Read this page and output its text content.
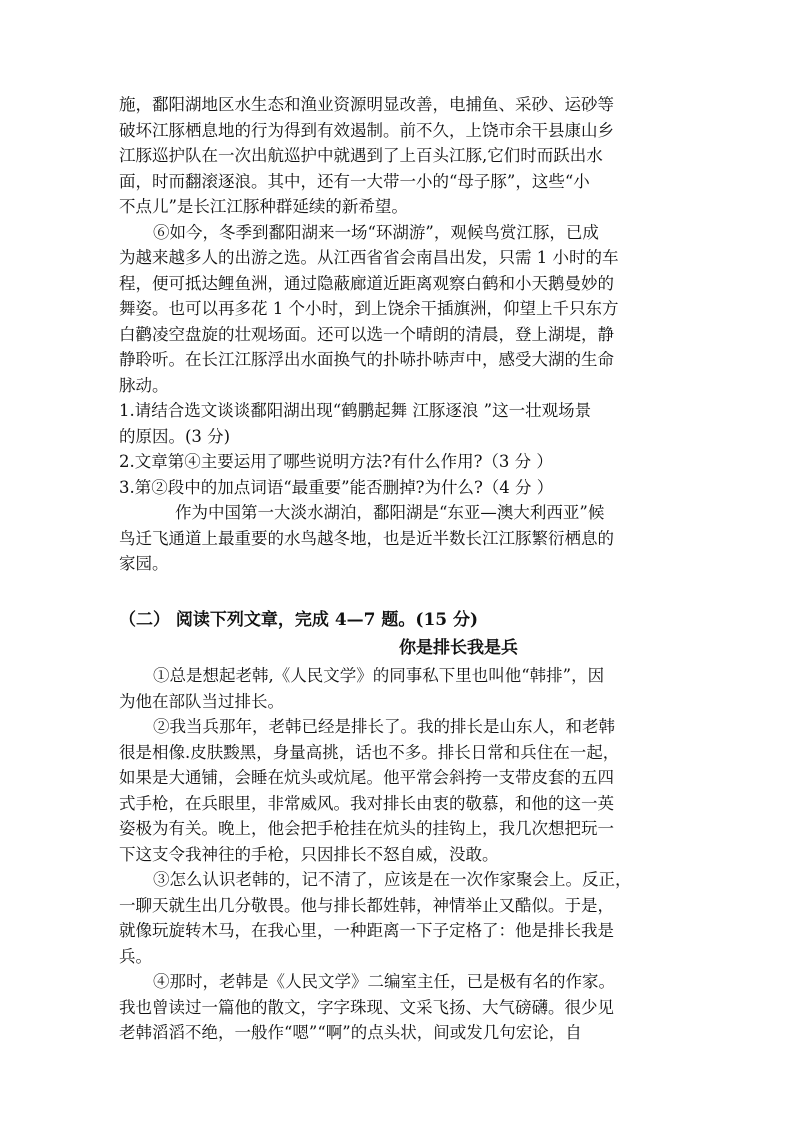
施，鄱阳湖地区水生态和渔业资源明显改善，电捕鱼、采砂、运砂等
破坏江豚栖息地的行为得到有效遏制。前不久，上饶市余干县康山乡
江豚巡护队在一次出航巡护中就遇到了上百头江豚,它们时而跃出水
面，时而翻滚逐浪。其中，还有一大带一小的“母子豚”，这些“小
不点儿”是长江江豚种群延续的新希望。
⑥如今，冬季到鄱阳湖来一场“环湖游”，观候鸟赏江豚，已成
为越来越多人的出游之选。从江西省省会南昌出发，只需 1 小时的车
程，便可抵达鲤鱼洲，通过隐蔽廊道近距离观察白鹤和小天鹅曼妙的
舞姿。也可以再多花 1 个小时，到上饶余干插旗洲，仰望上千只东方
白鹳凌空盘旋的壮观场面。还可以选一个晴朗的清晨，登上湖堤，静
静聆听。在长江江豚浮出水面换气的扑哧扑哧声中，感受大湖的生命
脉动。
1.请结合选文谈谈鄱阳湖出现“鹤鹏起舞 江豚逐浪 ”这一壮观场景
的原因。(3 分)
2.文章第④主要运用了哪些说明方法?有什么作用?（3 分 ）
3.第②段中的加点词语“最重要”能否删掉?为什么?（4 分 ）
作为中国第一大淡水湖泊，鄱阳湖是“东亚—澳大利西亚”候
鸟迁飞通道上最重要的水鸟越冬地，也是近半数长江江豚繁衍栖息的
家园。
（二） 阅读下列文章，完成 4—7 题。(15 分)
你是排长我是兵
①总是想起老韩,《人民文学》的同事私下里也叫他“韩排”，因
为他在部队当过排长。
②我当兵那年，老韩已经是排长了。我的排长是山东人，和老韩
很是相像.皮肤黢黑，身量高挑，话也不多。排长日常和兵住在一起，
如果是大通铺，会睡在炕头或炕尾。他平常会斜挎一支带皮套的五四
式手枪，在兵眼里，非常威风。我对排长由衷的敬慕，和他的这一英
姿极为有关。晚上，他会把手枪挂在炕头的挂钩上，我几次想把玩一
下这支令我神往的手枪，只因排长不怒自威，没敢。
③怎么认识老韩的，记不清了，应该是在一次作家聚会上。反正，
一聊天就生出几分敬畏。他与排长都姓韩，神情举止又酷似。于是，
就像玩旋转木马，在我心里，一种距离一下子定格了：他是排长我是
兵。
④那时，老韩是《人民文学》二编室主任，已是极有名的作家。
我也曾读过一篇他的散文，字字珠现、文采飞扬、大气磅礴。很少见
老韩滔滔不绝，一般作“嗯”“啊”的点头状，间或发几句宏论，自
